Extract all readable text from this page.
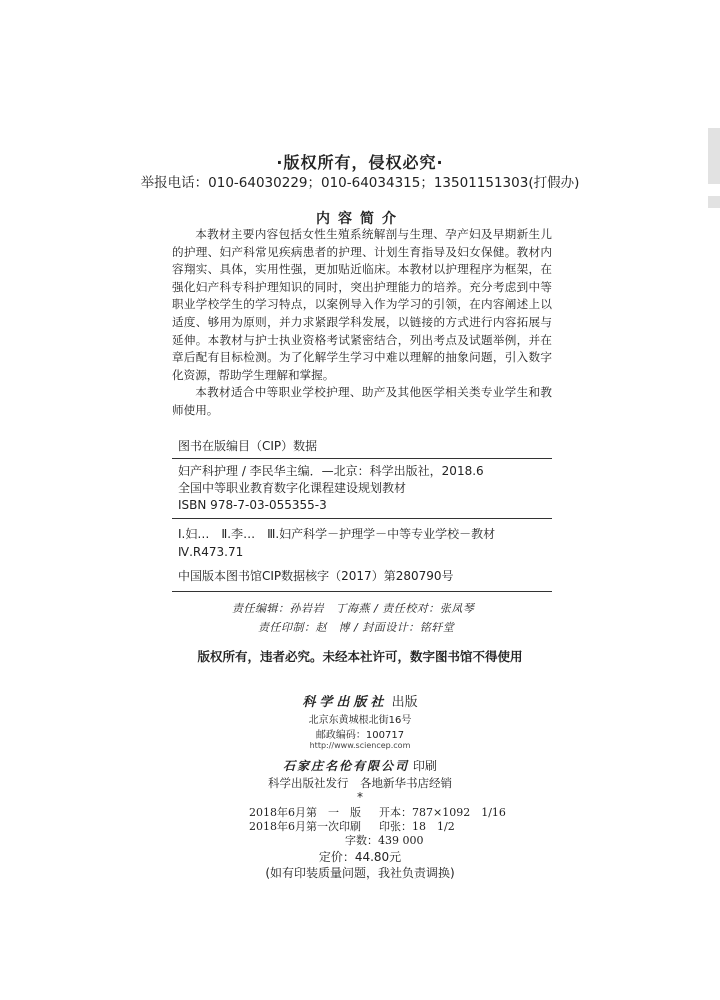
·版权所有，侵权必究·
举报电话：010-64030229；010-64034315；13501151303(打假办)
内容简介

本教材主要内容包括女性生殖系统解剖与生理、孕产妇及早期新生儿的护理、妇产科常见疾病患者的护理、计划生育指导及妇女保健。教材内容翔实、具体，实用性强，更加贴近临床。本教材以护理程序为框架，在强化妇产科专科护理知识的同时，突出护理能力的培养。充分考虑到中等职业学校学生的学习特点，以案例导入作为学习的引领，在内容阐述上以适度、够用为原则，并力求紧跟学科发展，以链接的方式进行内容拓展与延伸。本教材与护士执业资格考试紧密结合，列出考点及试题举例，并在章后配有目标检测。为了化解学生学习中难以理解的抽象问题，引入数字化资源，帮助学生理解和掌握。

本教材适合中等职业学校护理、助产及其他医学相关类专业学生和教师使用。

图书在版编目（CIP）数据
妇产科护理 / 李民华主编．—北京：科学出版社，2018.6
全国中等职业教育数字化课程建设规划教材
ISBN 978-7-03-055355-3
Ⅰ.妇…　Ⅱ.李…　Ⅲ.妇产科学－护理学－中等专业学校－教材
Ⅳ.R473.71
中国版本图书馆CIP数据核字（2017）第280790号
责任编辑：孙岩岩　丁海燕 / 责任校对：张凤琴
责任印制：赵　博 / 封面设计：铭轩堂
版权所有，违者必究。未经本社许可，数字图书馆不得使用
科学出版社 出版
北京东黄城根北街16号
邮政编码：100717
http://www.sciencep.com
石家庄名伦有限公司 印刷
科学出版社发行　各地新华书店经销
*
2018年6月第　一　版 开本：787×1092　1/16
2018年6月第一次印刷 印张：18　1/2
字数：439 000
定价：44.80元
(如有印装质量问题，我社负责调换)
